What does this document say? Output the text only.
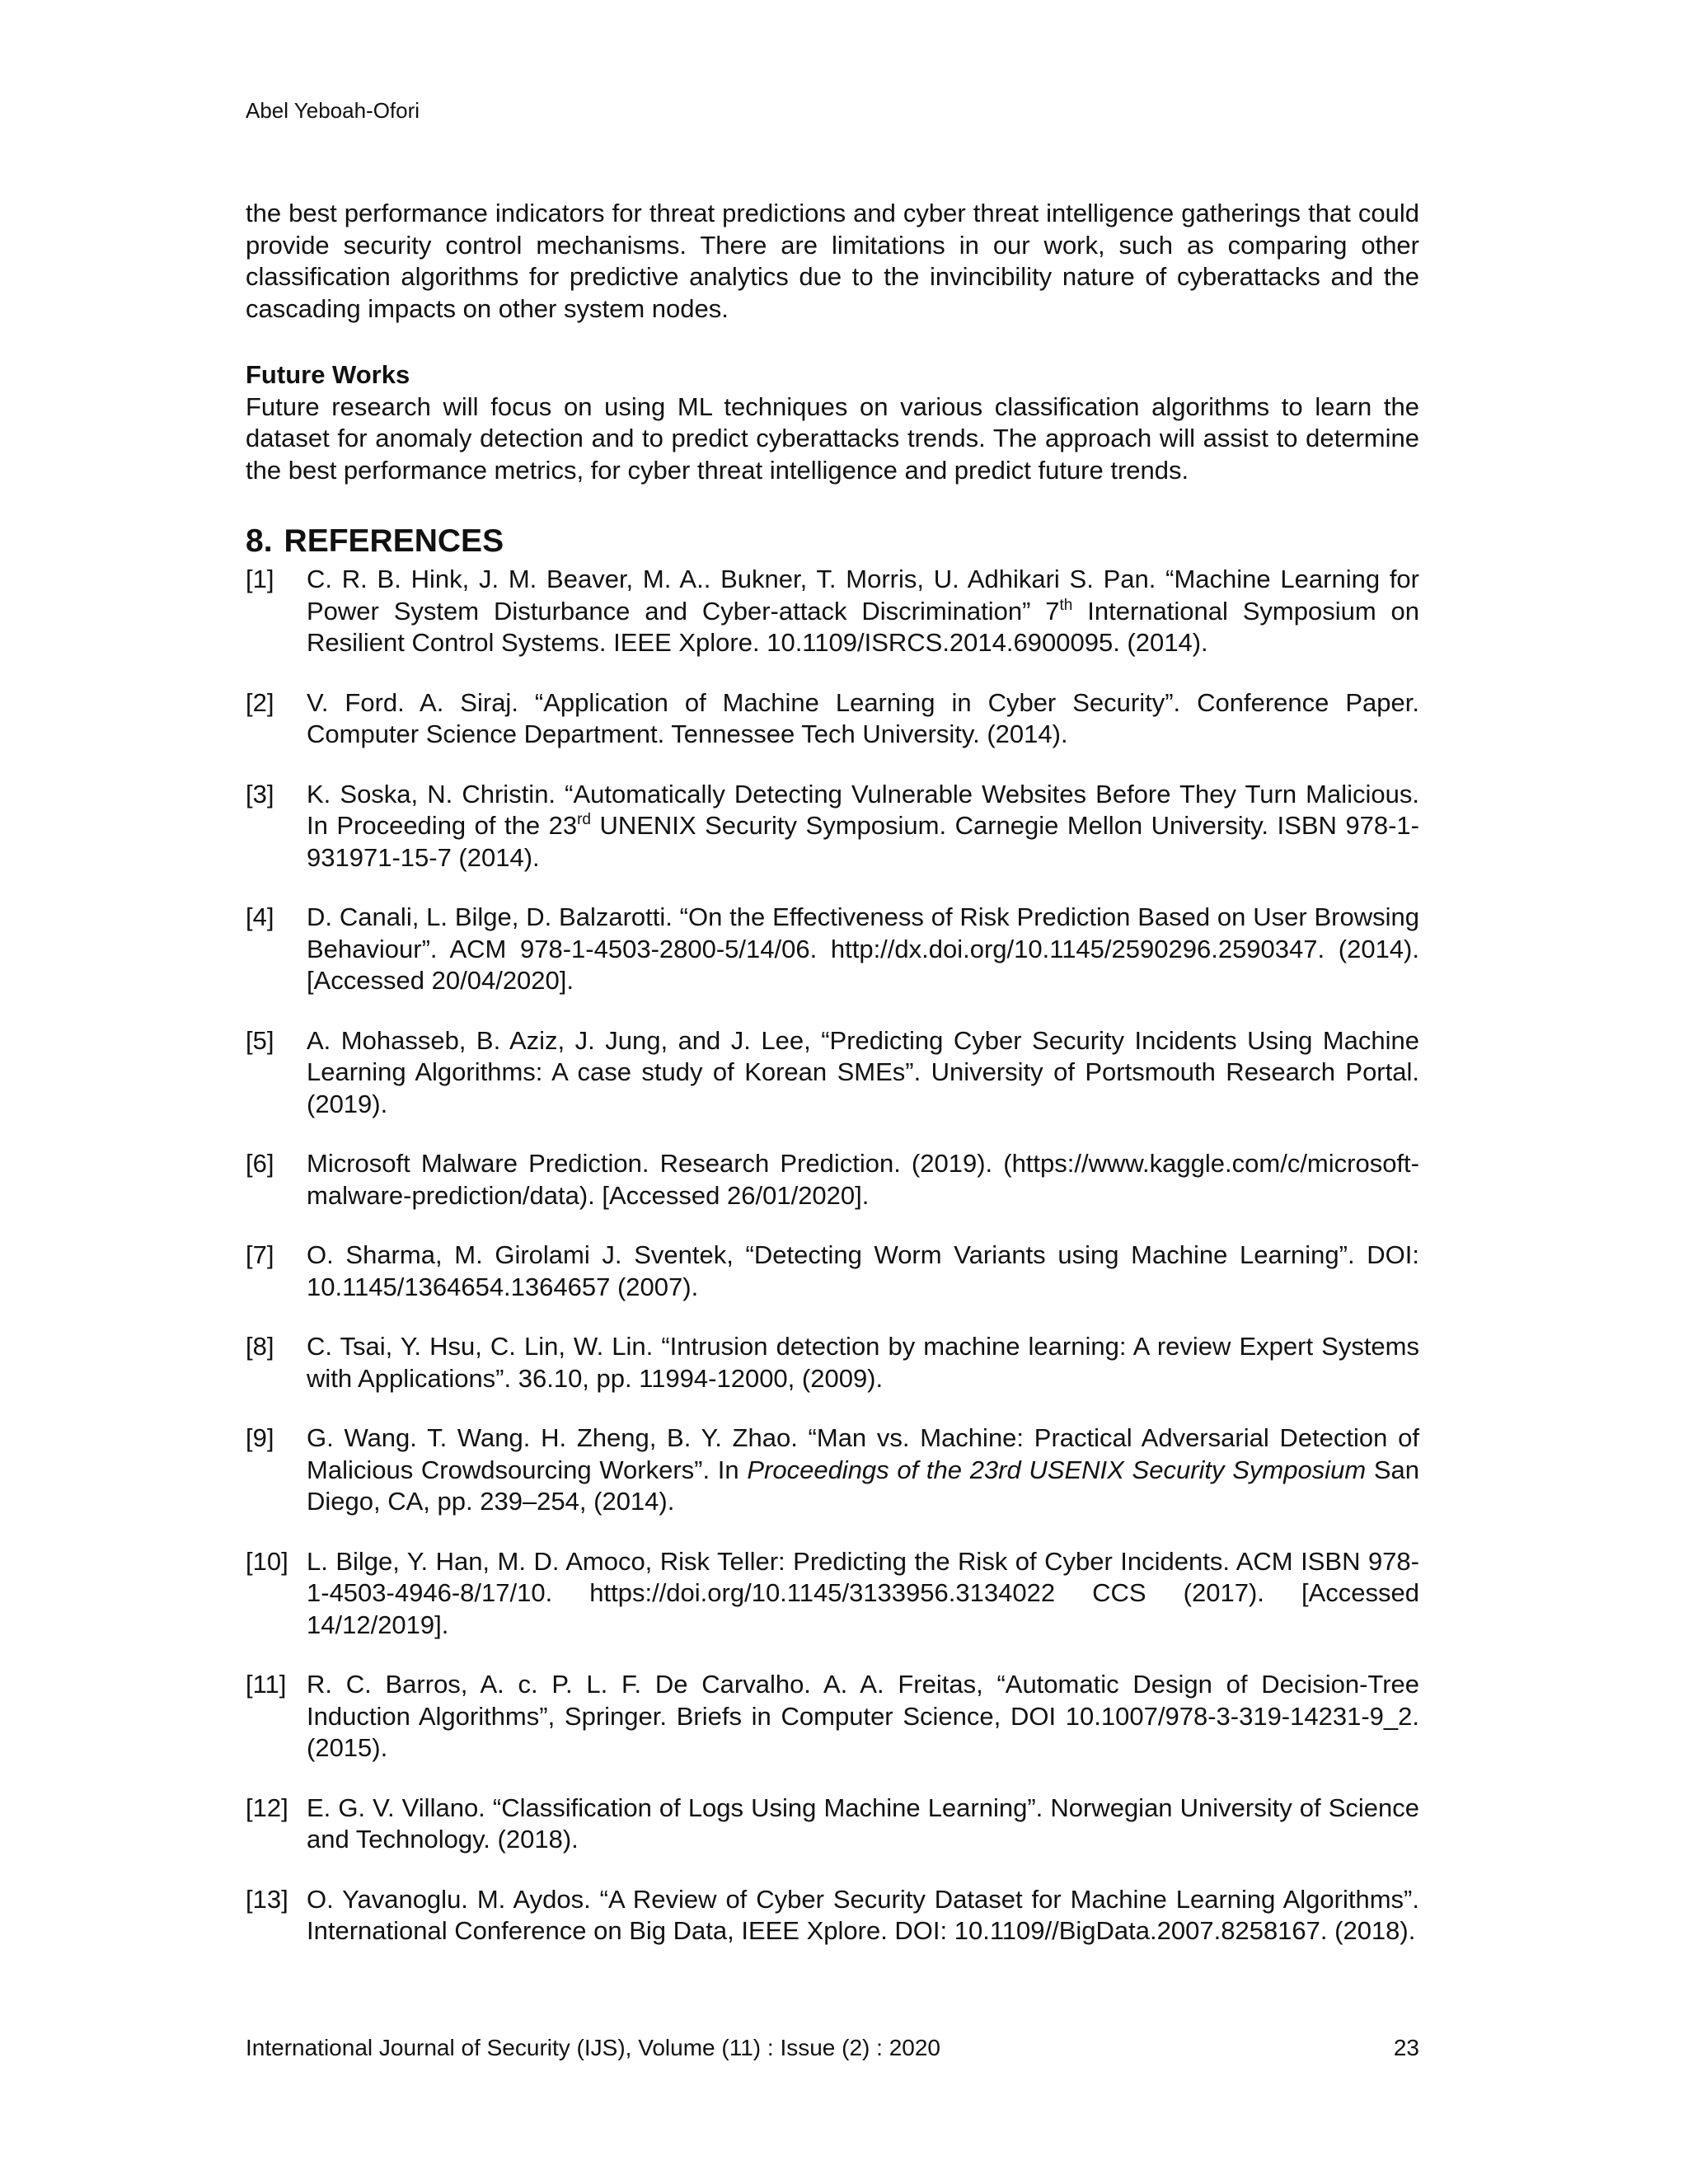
Abel Yeboah-Ofori

the best performance indicators for threat predictions and cyber threat intelligence gatherings that could provide security control mechanisms. There are limitations in our work, such as comparing other classification algorithms for predictive analytics due to the invincibility nature of cyberattacks and the cascading impacts on other system nodes.

Future Works

Future research will focus on using ML techniques on various classification algorithms to learn the dataset for anomaly detection and to predict cyberattacks trends. The approach will assist to determine the best performance metrics, for cyber threat intelligence and predict future trends.

8. REFERENCES
[1] C. R. B. Hink, J. M. Beaver, M. A.. Bukner, T. Morris, U. Adhikari S. Pan. “Machine Learning for Power System Disturbance and Cyber-attack Discrimination” 7th International Symposium on Resilient Control Systems. IEEE Xplore. 10.1109/ISRCS.2014.6900095. (2014).
[2] V. Ford. A. Siraj. “Application of Machine Learning in Cyber Security”. Conference Paper. Computer Science Department. Tennessee Tech University. (2014).
[3] K. Soska, N. Christin. “Automatically Detecting Vulnerable Websites Before They Turn Malicious. In Proceeding of the 23rd UNENIX Security Symposium. Carnegie Mellon University. ISBN 978-1-931971-15-7 (2014).
[4] D. Canali, L. Bilge, D. Balzarotti. “On the Effectiveness of Risk Prediction Based on User Browsing Behaviour”. ACM 978-1-4503-2800-5/14/06. http://dx.doi.org/10.1145/2590296.2590347. (2014). [Accessed 20/04/2020].
[5] A. Mohasseb, B. Aziz, J. Jung, and J. Lee, “Predicting Cyber Security Incidents Using Machine Learning Algorithms: A case study of Korean SMEs”. University of Portsmouth Research Portal. (2019).
[6] Microsoft Malware Prediction. Research Prediction. (2019). (https://www.kaggle.com/c/microsoft-malware-prediction/data). [Accessed 26/01/2020].
[7] O. Sharma, M. Girolami J. Sventek, “Detecting Worm Variants using Machine Learning”. DOI: 10.1145/1364654.1364657 (2007).
[8] C. Tsai, Y. Hsu, C. Lin, W. Lin. “Intrusion detection by machine learning: A review Expert Systems with Applications”. 36.10, pp. 11994-12000, (2009).
[9] G. Wang. T. Wang. H. Zheng, B. Y. Zhao. “Man vs. Machine: Practical Adversarial Detection of Malicious Crowdsourcing Workers”. In Proceedings of the 23rd USENIX Security Symposium San Diego, CA, pp. 239–254, (2014).
[10] L. Bilge, Y. Han, M. D. Amoco, Risk Teller: Predicting the Risk of Cyber Incidents. ACM ISBN 978-1-4503-4946-8/17/10. https://doi.org/10.1145/3133956.3134022 CCS (2017). [Accessed 14/12/2019].
[11] R. C. Barros, A. c. P. L. F. De Carvalho. A. A. Freitas, “Automatic Design of Decision-Tree Induction Algorithms”, Springer. Briefs in Computer Science, DOI 10.1007/978-3-319-14231-9_2. (2015).
[12] E. G. V. Villano. “Classification of Logs Using Machine Learning”. Norwegian University of Science and Technology. (2018).
[13] O. Yavanoglu. M. Aydos. “A Review of Cyber Security Dataset for Machine Learning Algorithms”. International Conference on Big Data, IEEE Xplore. DOI: 10.1109//BigData.2007.8258167. (2018).
International Journal of Security (IJS), Volume (11) : Issue (2) : 2020	23
